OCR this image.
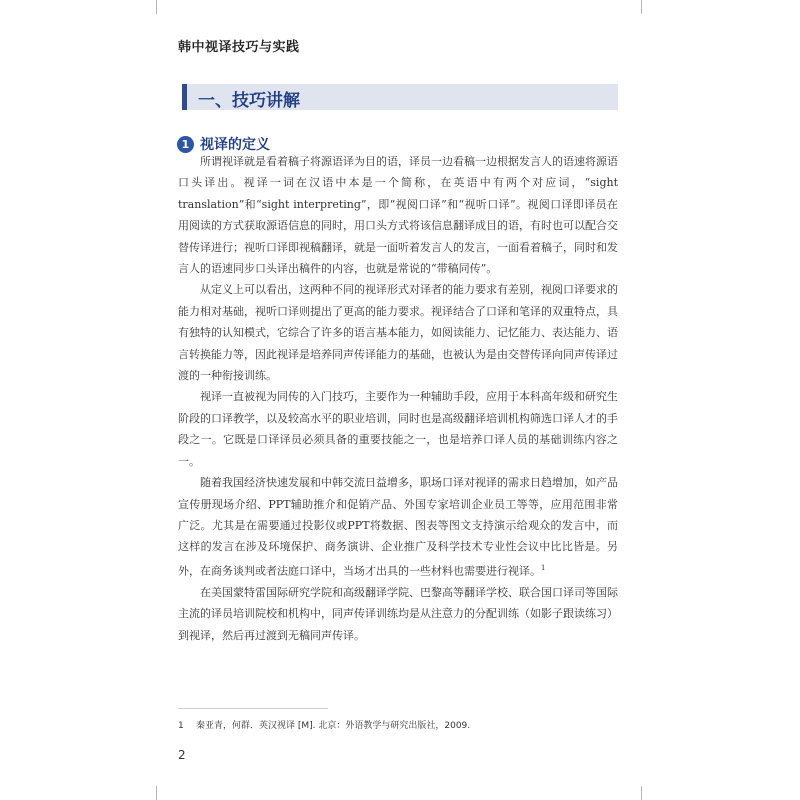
韩中视译技巧与实践
一、技巧讲解
1 视译的定义

所谓视译就是看着稿子将源语译为目的语，译员一边看稿一边根据发言人的语速将源语口头译出。视译一词在汉语中本是一个简称，在英语中有两个对应词，“sight translation”和“sight interpreting”，即“视阅口译”和“视听口译”。视阅口译即译员在用阅读的方式获取源语信息的同时，用口头方式将该信息翻译成目的语，有时也可以配合交替传译进行；视听口译即视稿翻译，就是一面听着发言人的发言，一面看着稿子，同时和发言人的语速同步口头译出稿件的内容，也就是常说的“带稿同传”。

从定义上可以看出，这两种不同的视译形式对译者的能力要求有差别，视阅口译要求的能力相对基础，视听口译则提出了更高的能力要求。视译结合了口译和笔译的双重特点，具有独特的认知模式，它综合了许多的语言基本能力，如阅读能力、记忆能力、表达能力、语言转换能力等，因此视译是培养同声传译能力的基础，也被认为是由交替传译向同声传译过渡的一种衔接训练。

视译一直被视为同传的入门技巧，主要作为一种辅助手段，应用于本科高年级和研究生阶段的口译教学，以及较高水平的职业培训，同时也是高级翻译培训机构筛选口译人才的手段之一。它既是口译译员必须具备的重要技能之一，也是培养口译人员的基础训练内容之一。

随着我国经济快速发展和中韩交流日益增多，职场口译对视译的需求日趋增加，如产品宣传册现场介绍、PPT辅助推介和促销产品、外国专家培训企业员工等等，应用范围非常广泛。尤其是在需要通过投影仪或PPT将数据、图表等图文支持演示给观众的发言中，而这样的发言在涉及环境保护、商务演讲、企业推广及科学技术专业性会议中比比皆是。另外，在商务谈判或者法庭口译中，当场才出具的一些材料也需要进行视译。$^1$

在美国蒙特雷国际研究学院和高级翻译学院、巴黎高等翻译学校、联合国口译司等国际主流的译员培训院校和机构中，同声传译训练均是从注意力的分配训练（如影子跟读练习）到视译，然后再过渡到无稿同声传译。

1 秦亚青，何群．英汉视译 [M]. 北京：外语教学与研究出版社，2009.
2
